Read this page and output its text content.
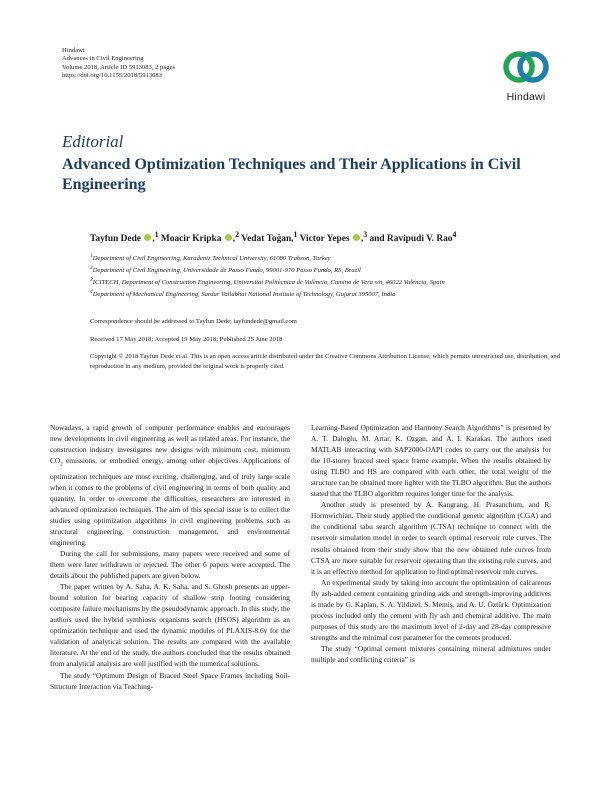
Hindawi
Advances in Civil Engineering
Volume 2018, Article ID 5913083, 2 pages
https://doi.org/10.1155/2018/5913083
Hindawi
Editorial
Advanced Optimization Techniques and Their Applications in Civil Engineering
Tayfun Dede ,$^1$ Moacir Kripka ,$^2$ Vedat Toğan,$^1$ Victor Yepes ,$^3$ and Ravipudi V. Rao$^4$
$^1$Department of Civil Engineering, Karadeniz Technical University, 61080 Trabzon, Turkey
$^2$Department of Civil Engineering, Universidade de Passo Fundo, 99001-970 Passo Fundo, RS, Brazil
$^3$ICITECH, Department of Construction Engineering, Universitat Politècnica de València, Camino de Vera s/n, 46022 Valencia, Spain
$^4$Department of Mechanical Engineering, Sardar Vallabhai National Institute of Technology, Gujarat 395007, India
Correspondence should be addressed to Tayfun Dede; tayfundede@gmail.com
Received 17 May 2018; Accepted 19 May 2018; Published 25 June 2018
Copyright © 2018 Tayfun Dede et al. This is an open access article distributed under the Creative Commons Attribution License, which permits unrestricted use, distribution, and reproduction in any medium, provided the original work is properly cited.

Nowadays, a rapid growth of computer performance enables and encourages new developments in civil engineering as well as related areas. For instance, the construction industry investigates new designs with minimum cost, minimum $CO_2$ emissions, or embodied energy, among other objectives. Applications of optimization techniques are most exciting, challenging, and of truly large scale when it comes to the problems of civil engineering in terms of both quality and quantity. In order to overcome the difficulties, researchers are interested in advanced optimization techniques. The aim of this special issue is to collect the studies using optimization algorithms in civil engineering problems such as structural engineering, construction management, and environmental engineering.

During the call for submissions, many papers were received and some of them were later withdrawn or rejected. The other 6 papers were accepted. The details about the published papers are given below.

The paper written by A. Saha, A. K. Saha, and S. Ghosh presents an upper-bound solution for bearing capacity of shallow strip footing considering composite failure mechanisms by the pseudodynamic approach. In this study, the authors used the hybrid symbiosis organisms search (HSOS) algorithm as an optimization technique and used the dynamic modules of PLAXIS-8.6v for the validation of analytical solution. The results are compared with the available literature. At the end of the study, the authors concluded that the results obtained from analytical analysis are well justified with the numerical solutions.

The study “Optimum Design of Braced Steel Space Frames including Soil-Structure Interaction via Teaching-

Learning-Based Optimization and Harmony Search Algorithms” is presented by A. T. Daloglu, M. Artar, K. Ozgan, and A. I. Karakas. The authors used MATLAB interacting with SAP2000-OAPI codes to carry out the analysis for the 10-storey braced steel space frame example. When the results obtained by using TLBO and HS are compared with each other, the total weight of the structure can be obtained more lighter with the TLBO algorithm. But the authors stated that the TLBO algorithm requires longer time for the analysis.

Another study is presented by A. Kangrang, H. Prasanchum, and R. Hormwichian. Their study applied the conditional genetic algorithm (CGA) and the conditional tabu search algorithm (CTSA) technique to connect with the reservoir simulation model in order to search optimal reservoir rule curves. The results obtained from their study show that the new obtained rule curves from CTSA are more suitable for reservoir operating than the existing rule curves, and it is an effective method for application to find optimal reservoir rule curves.

An experimental study by taking into account the optimization of calcareous fly ash-added cement containing grinding aids and strength-improving additives is made by G. Kaplan, S. A. Yildizel, S. Memiş, and A. U. Öztürk. Optimization process included only the cement with fly ash and chemical additive. The main purposes of this study are the maximum level of 2-day and 28-day compressive strengths and the minimal cost parameter for the cements produced.

The study “Optimal cement mixtures containing mineral admixtures under multiple and conflicting criteria” is
